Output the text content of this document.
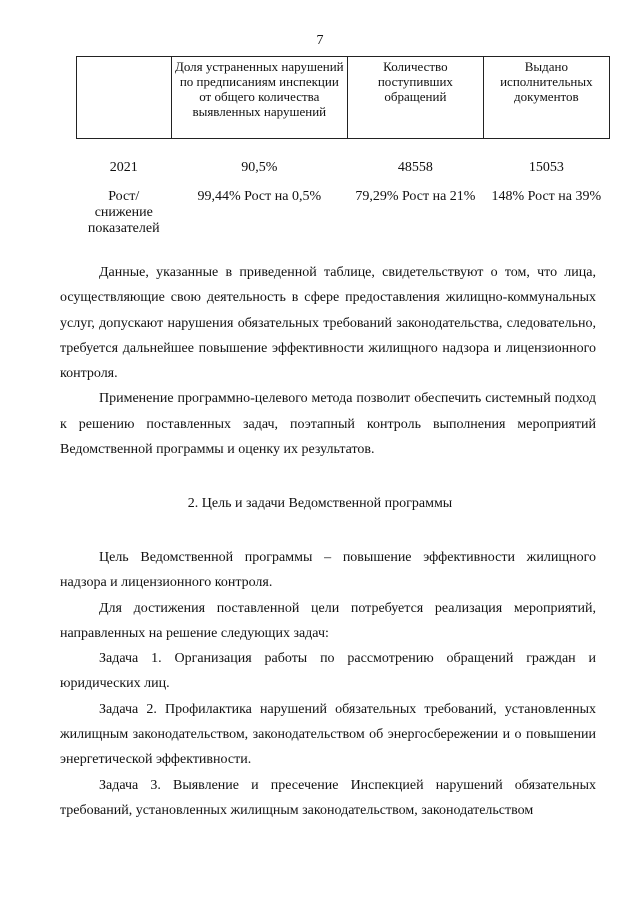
7
	Доля устраненных нарушений по предписаниям инспекции от общего количества выявленных нарушений	Количество поступивших обращений	Выдано исполнительных документов
2021	90,5%	48558	15053
Рост/ снижение показателей	99,44% Рост на 0,5%	79,29% Рост на 21%	148% Рост на 39%

Данные, указанные в приведенной таблице, свидетельствуют о том, что лица, осуществляющие свою деятельность в сфере предоставления жилищно-коммунальных услуг, допускают нарушения обязательных требований законодательства, следовательно, требуется дальнейшее повышение эффективности жилищного надзора и лицензионного контроля.

Применение программно-целевого метода позволит обеспечить системный подход к решению поставленных задач, поэтапный контроль выполнения мероприятий Ведомственной программы и оценку их результатов.

2. Цель и задачи Ведомственной программы

Цель Ведомственной программы – повышение эффективности жилищного надзора и лицензионного контроля.

Для достижения поставленной цели потребуется реализация мероприятий, направленных на решение следующих задач:

Задача 1. Организация работы по рассмотрению обращений граждан и юридических лиц.

Задача 2. Профилактика нарушений обязательных требований, установленных жилищным законодательством, законодательством об энергосбережении и о повышении энергетической эффективности.

Задача 3. Выявление и пресечение Инспекцией нарушений обязательных требований, установленных жилищным законодательством, законодательством
